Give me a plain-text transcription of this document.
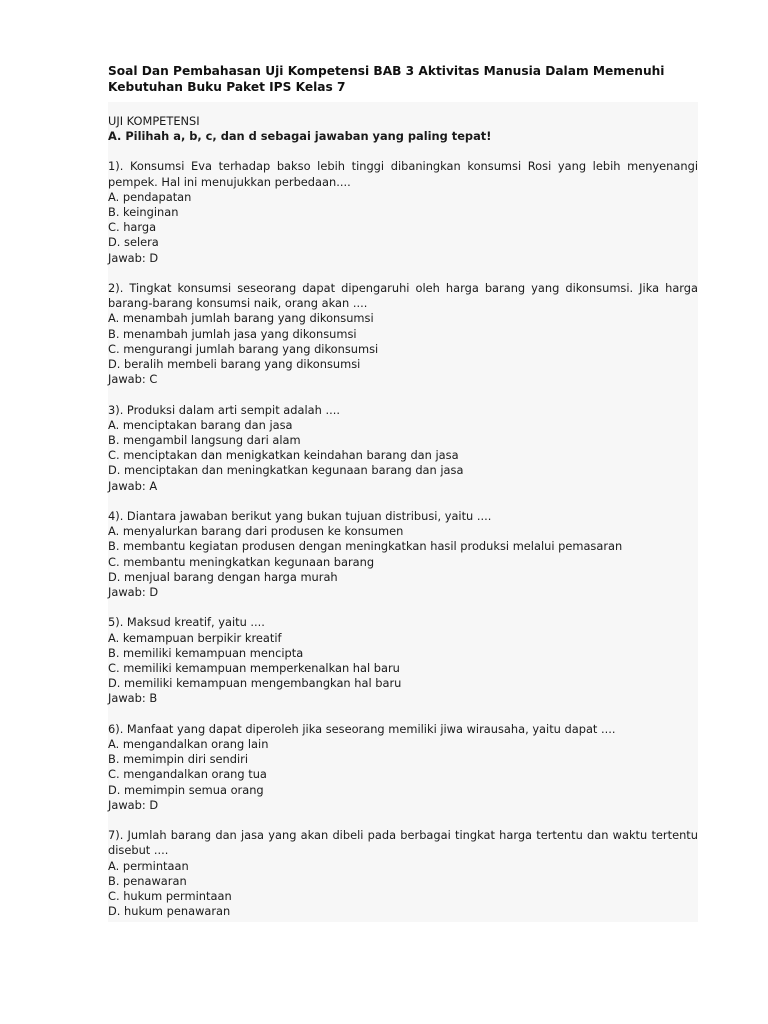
Soal Dan Pembahasan Uji Kompetensi BAB 3 Aktivitas Manusia Dalam Memenuhi Kebutuhan Buku Paket IPS Kelas 7
UJI KOMPETENSI
A. Pilihah a, b, c, dan d sebagai jawaban yang paling tepat!

1). Konsumsi Eva terhadap bakso lebih tinggi dibaningkan konsumsi Rosi yang lebih menyenangi pempek. Hal ini menujukkan perbedaan....

A. pendapatan
B. keinginan
C. harga
D. selera
Jawab: D

2). Tingkat konsumsi seseorang dapat dipengaruhi oleh harga barang yang dikonsumsi. Jika harga barang-barang konsumsi naik, orang akan ....

A. menambah jumlah barang yang dikonsumsi
B. menambah jumlah jasa yang dikonsumsi
C. mengurangi jumlah barang yang dikonsumsi
D. beralih membeli barang yang dikonsumsi
Jawab: C

3). Produksi dalam arti sempit adalah ....

A. menciptakan barang dan jasa
B. mengambil langsung dari alam
C. menciptakan dan menigkatkan keindahan barang dan jasa
D. menciptakan dan meningkatkan kegunaan barang dan jasa
Jawab: A

4). Diantara jawaban berikut yang bukan tujuan distribusi, yaitu ....

A. menyalurkan barang dari produsen ke konsumen
B. membantu kegiatan produsen dengan meningkatkan hasil produksi melalui pemasaran
C. membantu meningkatkan kegunaan barang
D. menjual barang dengan harga murah
Jawab: D

5). Maksud kreatif, yaitu ....

A. kemampuan berpikir kreatif
B. memiliki kemampuan mencipta
C. memiliki kemampuan memperkenalkan hal baru
D. memiliki kemampuan mengembangkan hal baru
Jawab: B

6). Manfaat yang dapat diperoleh jika seseorang memiliki jiwa wirausaha, yaitu dapat ....

A. mengandalkan orang lain
B. memimpin diri sendiri
C. mengandalkan orang tua
D. memimpin semua orang
Jawab: D

7). Jumlah barang dan jasa yang akan dibeli pada berbagai tingkat harga tertentu dan waktu tertentu disebut ....

A. permintaan
B. penawaran
C. hukum permintaan
D. hukum penawaran
